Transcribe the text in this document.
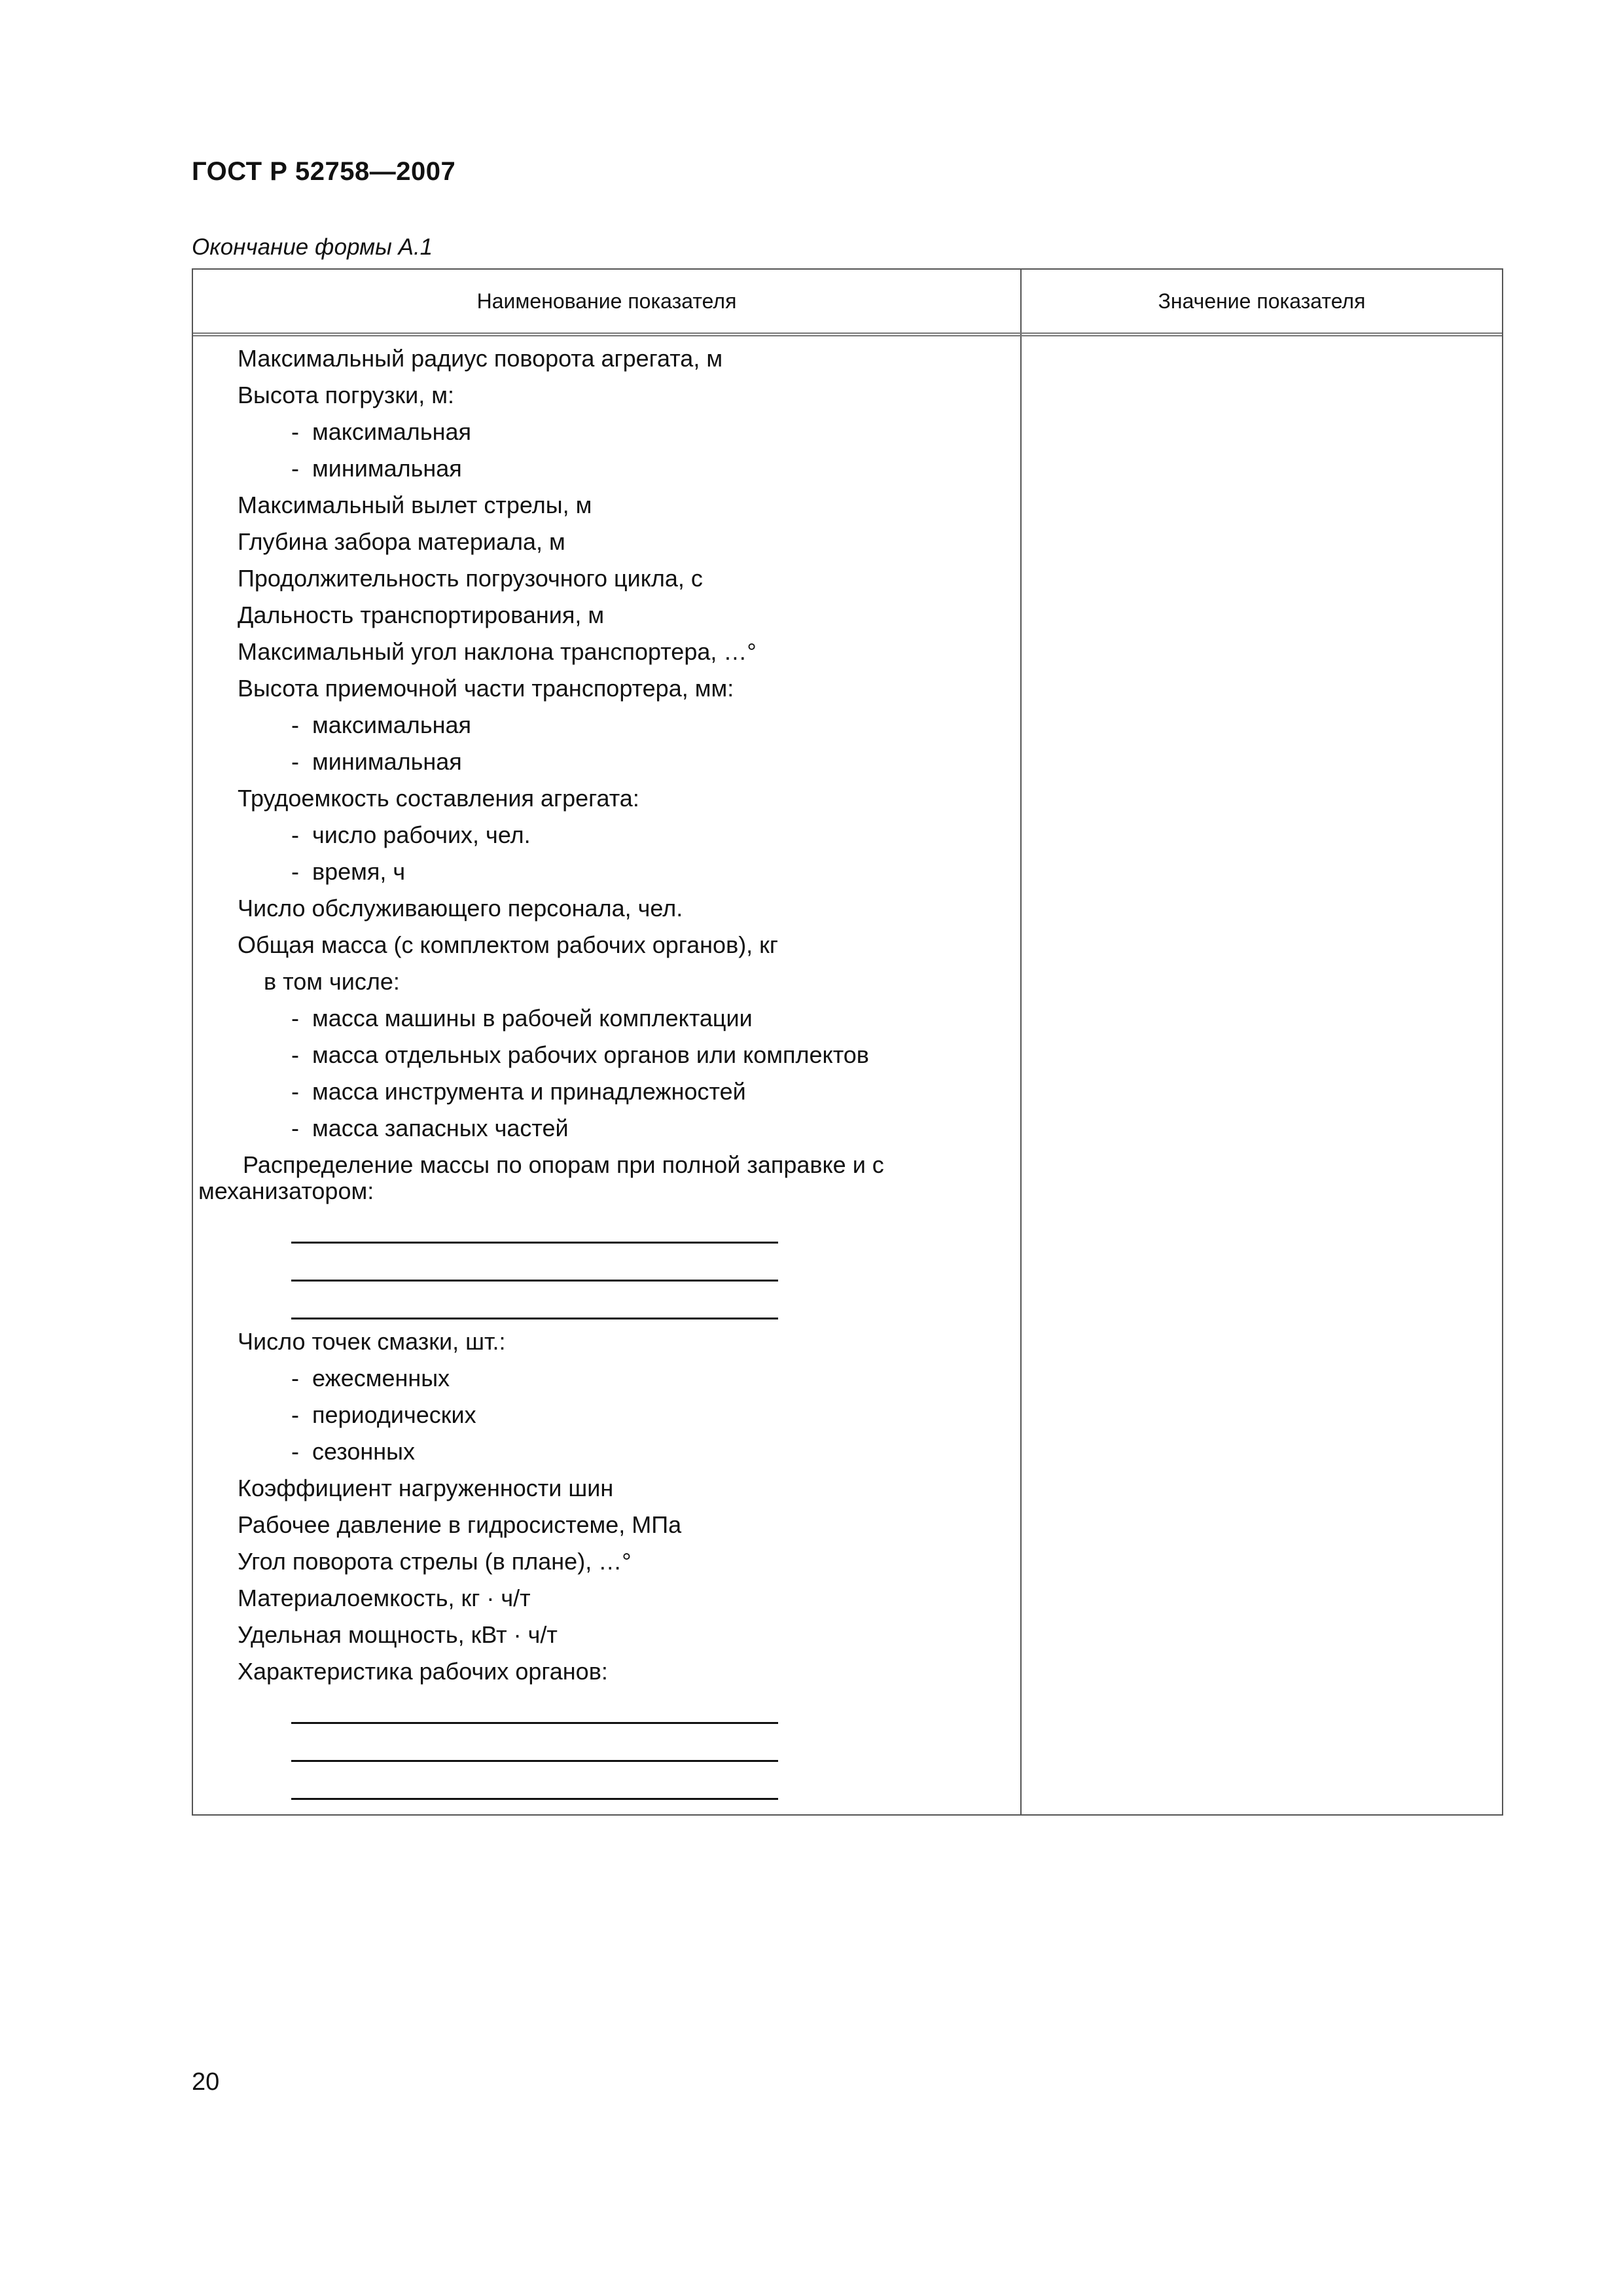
ГОСТ Р 52758—2007
Окончание формы А.1
Наименование показателя	Значение показателя
Максимальный радиус поворота агрегата, м
Высота погрузки, м:
- максимальная
- минимальная
Максимальный вылет стрелы, м
Глубина забора материала, м
Продолжительность погрузочного цикла, с
Дальность транспортирования, м
Максимальный угол наклона транспортера, …°
Высота приемочной части транспортера, мм:
- максимальная
- минимальная
Трудоемкость составления агрегата:
- число рабочих, чел.
- время, ч
Число обслуживающего персонала, чел.
Общая масса (с комплектом рабочих органов), кг
в том числе:
- масса машины в рабочей комплектации
- масса отдельных рабочих органов или комплектов
- масса инструмента и принадлежностей
- масса запасных частей
Распределение массы по опорам при полной заправке и с механизатором:
Число точек смазки, шт.:
- ежесменных
- периодических
- сезонных
Коэффициент нагруженности шин
Рабочее давление в гидросистеме, МПа
Угол поворота стрелы (в плане), …°
Материалоемкость, кг · ч/т
Удельная мощность, кВт · ч/т
Характеристика рабочих органов:
20
